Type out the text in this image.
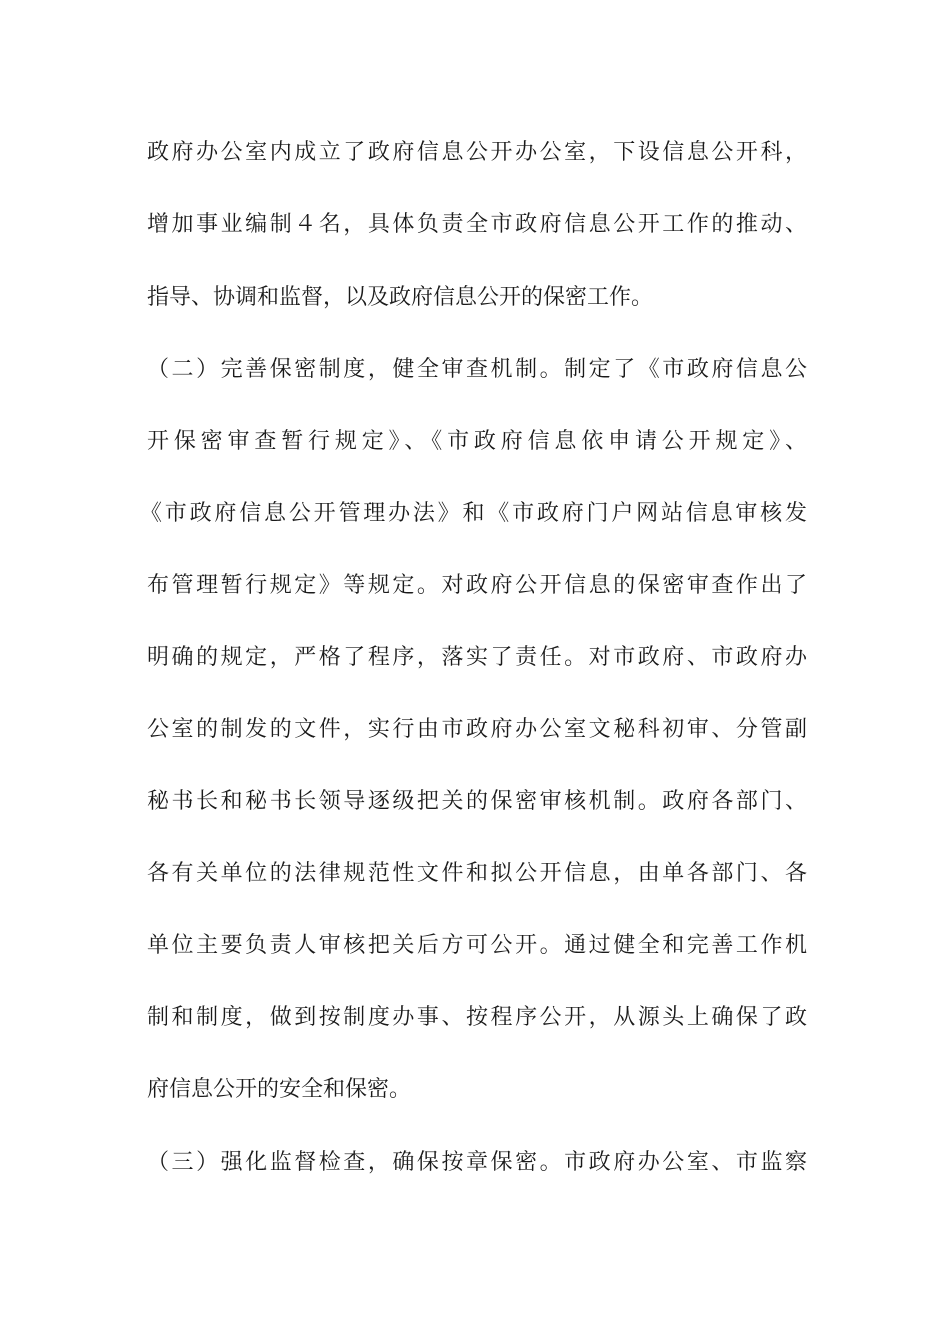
政府办公室内成立了政府信息公开办公室，下设信息公开科，
增加事业编制４名，具体负责全市政府信息公开工作的推动、
指导、协调和监督，以及政府信息公开的保密工作。
（二）完善保密制度，健全审查机制。制定了《市政府信息公
开保密审查暂行规定》、《市政府信息依申请公开规定》、
《市政府信息公开管理办法》和《市政府门户网站信息审核发
布管理暂行规定》等规定。对政府公开信息的保密审查作出了
明确的规定，严格了程序，落实了责任。对市政府、市政府办
公室的制发的文件，实行由市政府办公室文秘科初审、分管副
秘书长和秘书长领导逐级把关的保密审核机制。政府各部门、
各有关单位的法律规范性文件和拟公开信息，由单各部门、各
单位主要负责人审核把关后方可公开。通过健全和完善工作机
制和制度，做到按制度办事、按程序公开，从源头上确保了政
府信息公开的安全和保密。
（三）强化监督检查，确保按章保密。市政府办公室、市监察
